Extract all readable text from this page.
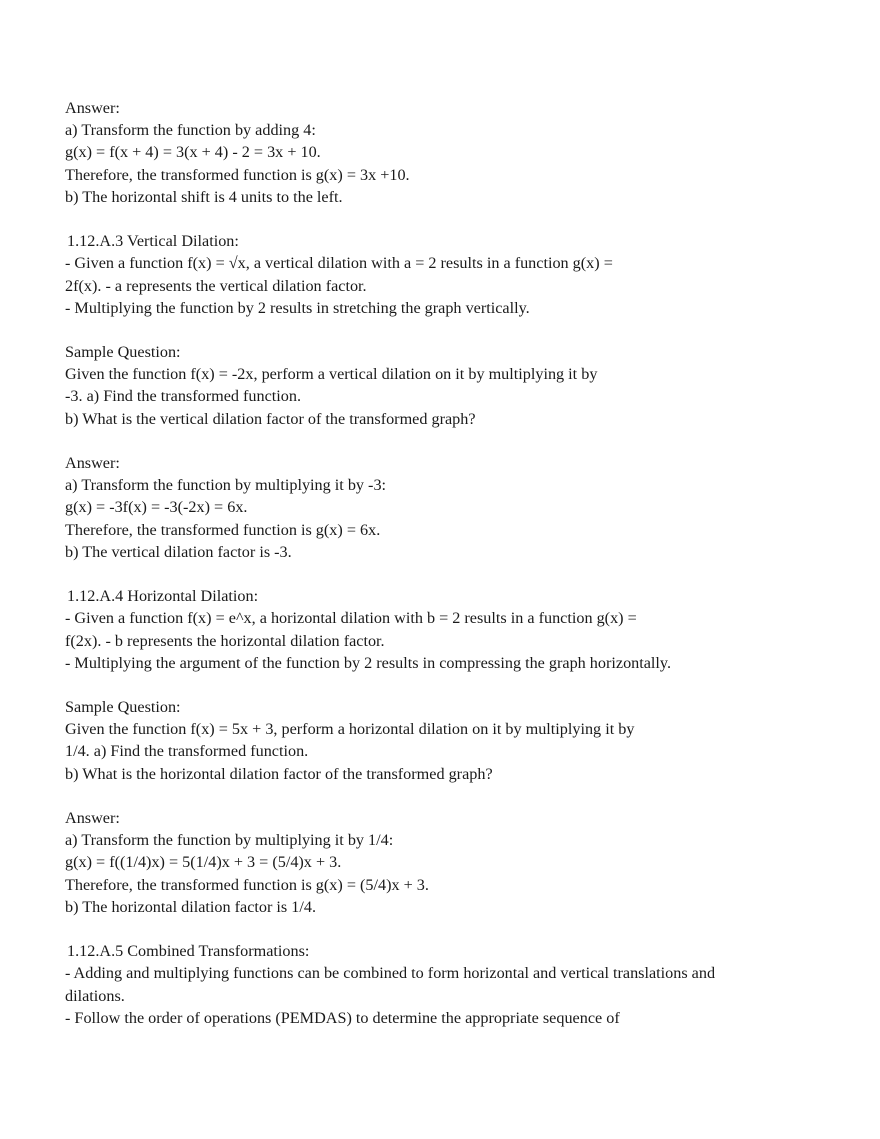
Answer:
a) Transform the function by adding 4:
g(x) = f(x + 4) = 3(x + 4) - 2 = 3x + 10.
Therefore, the transformed function is g(x) = 3x +10.
b) The horizontal shift is 4 units to the left.
1.12.A.3 Vertical Dilation:
- Given a function f(x) = √x, a vertical dilation with a = 2 results in a function g(x) =
2f(x). - a represents the vertical dilation factor.
- Multiplying the function by 2 results in stretching the graph vertically.
Sample Question:
Given the function f(x) = -2x, perform a vertical dilation on it by multiplying it by
-3. a) Find the transformed function.
b) What is the vertical dilation factor of the transformed graph?
Answer:
a) Transform the function by multiplying it by -3:
g(x) = -3f(x) = -3(-2x) = 6x.
Therefore, the transformed function is g(x) = 6x.
b) The vertical dilation factor is -3.
1.12.A.4 Horizontal Dilation:
- Given a function f(x) = e^x, a horizontal dilation with b = 2 results in a function g(x) =
f(2x). - b represents the horizontal dilation factor.
- Multiplying the argument of the function by 2 results in compressing the graph horizontally.
Sample Question:
Given the function f(x) = 5x + 3, perform a horizontal dilation on it by multiplying it by
1/4. a) Find the transformed function.
b) What is the horizontal dilation factor of the transformed graph?
Answer:
a) Transform the function by multiplying it by 1/4:
g(x) = f((1/4)x) = 5(1/4)x + 3 = (5/4)x + 3.
Therefore, the transformed function is g(x) = (5/4)x + 3.
b) The horizontal dilation factor is 1/4.
1.12.A.5 Combined Transformations:
- Adding and multiplying functions can be combined to form horizontal and vertical translations and
dilations.
- Follow the order of operations (PEMDAS) to determine the appropriate sequence of
